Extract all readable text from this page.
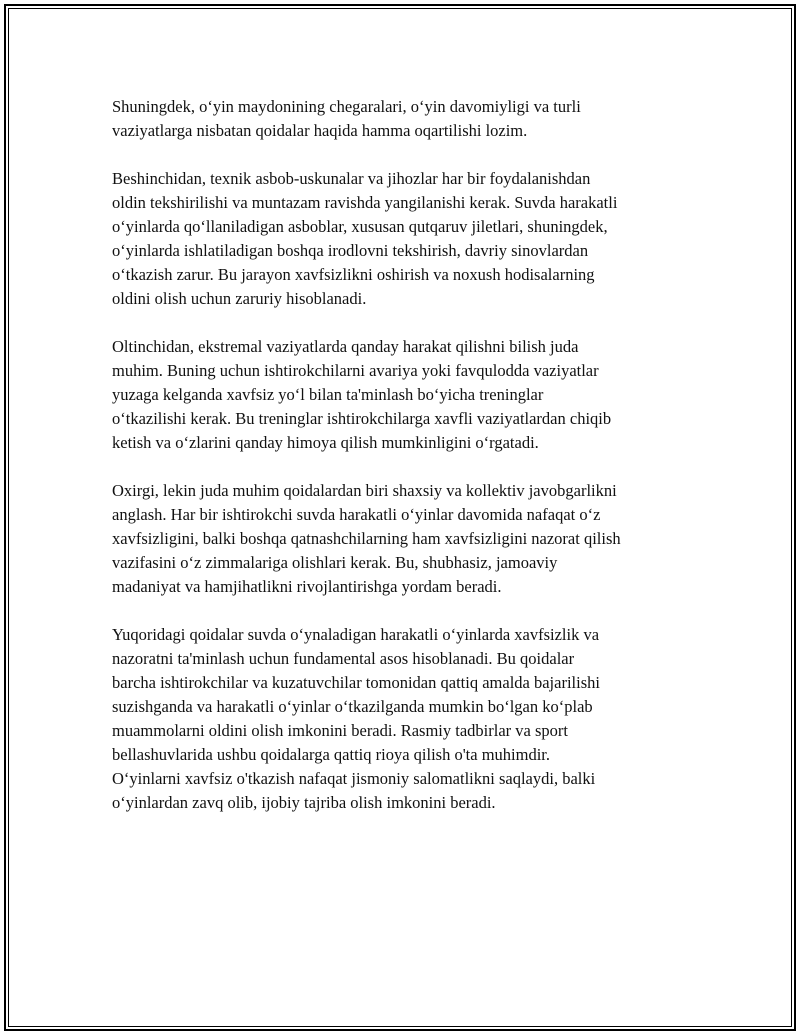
Shuningdek, o‘yin maydonining chegaralari, o‘yin davomiyligi va turli
vaziyatlarga nisbatan qoidalar haqida hamma oqartilishi lozim.

Beshinchidan, texnik asbob-uskunalar va jihozlar har bir foydalanishdan
oldin tekshirilishi va muntazam ravishda yangilanishi kerak. Suvda harakatli
o‘yinlarda qo‘llaniladigan asboblar, xususan qutqaruv jiletlari, shuningdek,
o‘yinlarda ishlatiladigan boshqa irodlovni tekshirish, davriy sinovlardan
o‘tkazish zarur. Bu jarayon xavfsizlikni oshirish va noxush hodisalarning
oldini olish uchun zaruriy hisoblanadi.

Oltinchidan, ekstremal vaziyatlarda qanday harakat qilishni bilish juda
muhim. Buning uchun ishtirokchilarni avariya yoki favqulodda vaziyatlar
yuzaga kelganda xavfsiz yo‘l bilan ta'minlash bo‘yicha treninglar
o‘tkazilishi kerak. Bu treninglar ishtirokchilarga xavfli vaziyatlardan chiqib
ketish va o‘zlarini qanday himoya qilish mumkinligini o‘rgatadi.

Oxirgi, lekin juda muhim qoidalardan biri shaxsiy va kollektiv javobgarlikni
anglash. Har bir ishtirokchi suvda harakatli o‘yinlar davomida nafaqat o‘z
xavfsizligini, balki boshqa qatnashchilarning ham xavfsizligini nazorat qilish
vazifasini o‘z zimmalariga olishlari kerak. Bu, shubhasiz, jamoaviy
madaniyat va hamjihatlikni rivojlantirishga yordam beradi.

Yuqoridagi qoidalar suvda o‘ynaladigan harakatli o‘yinlarda xavfsizlik va
nazoratni ta'minlash uchun fundamental asos hisoblanadi. Bu qoidalar
barcha ishtirokchilar va kuzatuvchilar tomonidan qattiq amalda bajarilishi
suzishganda va harakatli o‘yinlar o‘tkazilganda mumkin bo‘lgan ko‘plab
muammolarni oldini olish imkonini beradi. Rasmiy tadbirlar va sport
bellashuvlarida ushbu qoidalarga qattiq rioya qilish o'ta muhimdir.
O‘yinlarni xavfsiz o'tkazish nafaqat jismoniy salomatlikni saqlaydi, balki
o‘yinlardan zavq olib, ijobiy tajriba olish imkonini beradi.
